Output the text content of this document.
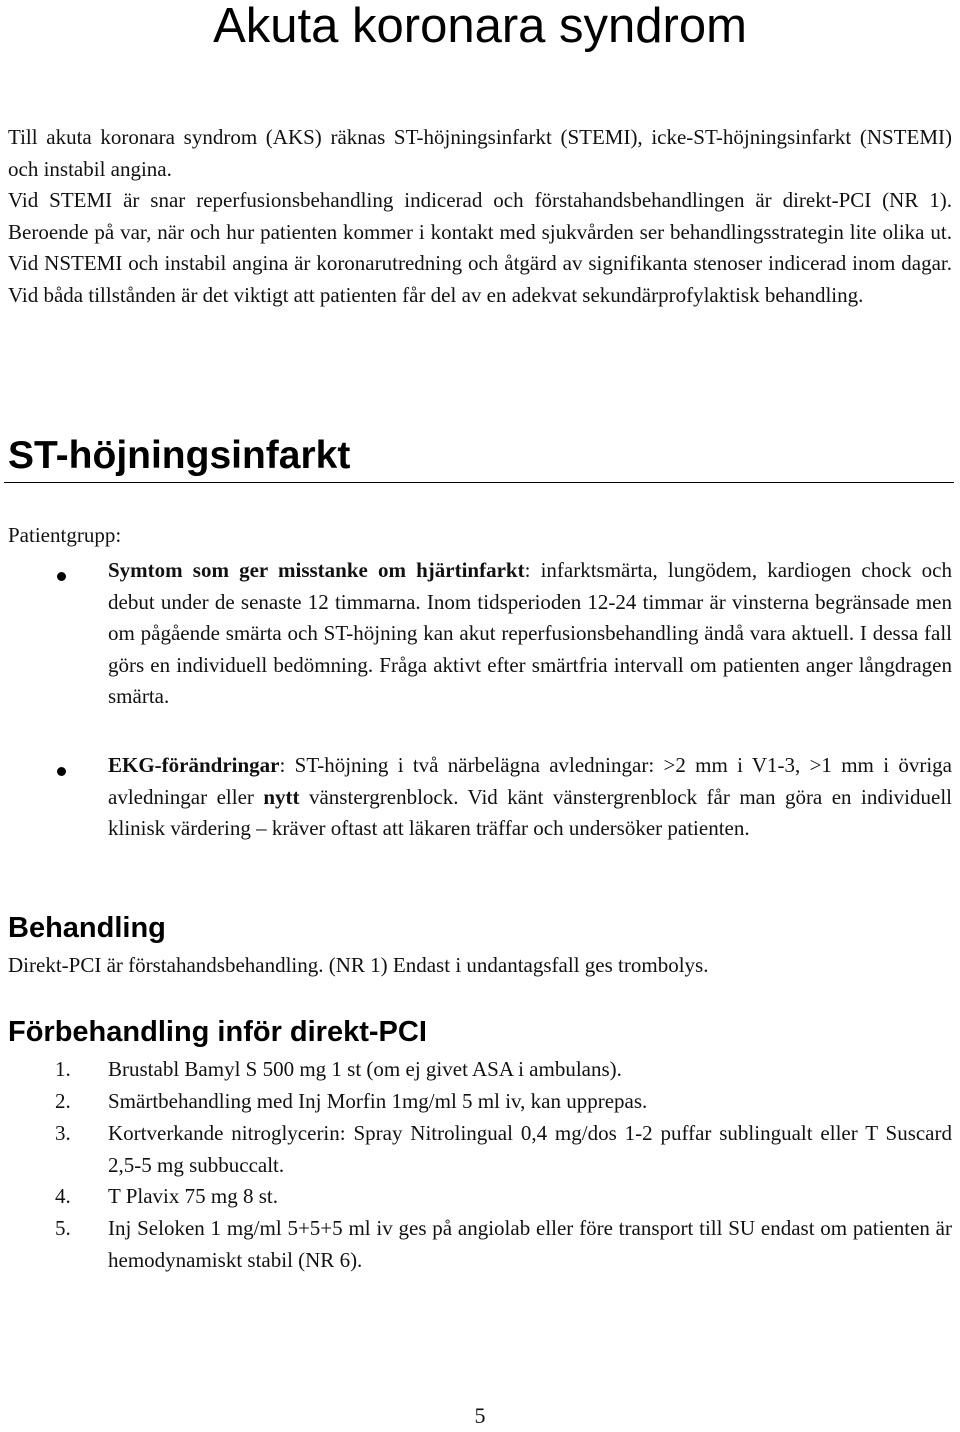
Akuta koronara syndrom

Till akuta koronara syndrom (AKS) räknas ST-höjningsinfarkt (STEMI), icke-ST-höjningsinfarkt (NSTEMI) och instabil angina.

Vid STEMI är snar reperfusionsbehandling indicerad och förstahandsbehandlingen är direkt-PCI (NR 1). Beroende på var, när och hur patienten kommer i kontakt med sjukvården ser behandlingsstrategin lite olika ut. Vid NSTEMI och instabil angina är koronarutredning och åtgärd av signifikanta stenoser indicerad inom dagar. Vid båda tillstånden är det viktigt att patienten får del av en adekvat sekundärprofylaktisk behandling.

ST-höjningsinfarkt

Patientgrupp:

Symtom som ger misstanke om hjärtinfarkt: infarktsmärta, lungödem, kardiogen chock och debut under de senaste 12 timmarna. Inom tidsperioden 12-24 timmar är vinsterna begränsade men om pågående smärta och ST-höjning kan akut reperfusionsbehandling ändå vara aktuell. I dessa fall görs en individuell bedömning. Fråga aktivt efter smärtfria intervall om patienten anger långdragen smärta.

EKG-förändringar: ST-höjning i två närbelägna avledningar: >2 mm i V1-3, >1 mm i övriga avledningar eller nytt vänstergrenblock. Vid känt vänstergrenblock får man göra en individuell klinisk värdering – kräver oftast att läkaren träffar och undersöker patienten.

Behandling

Direkt-PCI är förstahandsbehandling. (NR 1) Endast i undantagsfall ges trombolys.

Förbehandling inför direkt-PCI

1. Brustabl Bamyl S 500 mg 1 st (om ej givet ASA i ambulans).

2. Smärtbehandling med Inj Morfin 1mg/ml 5 ml iv, kan upprepas.

3. Kortverkande nitroglycerin: Spray Nitrolingual 0,4 mg/dos 1-2 puffar sublingualt eller T Suscard 2,5-5 mg subbuccalt.

4. T Plavix 75 mg 8 st.

5. Inj Seloken 1 mg/ml 5+5+5 ml iv ges på angiolab eller före transport till SU endast om patienten är hemodynamiskt stabil (NR 6).

5
